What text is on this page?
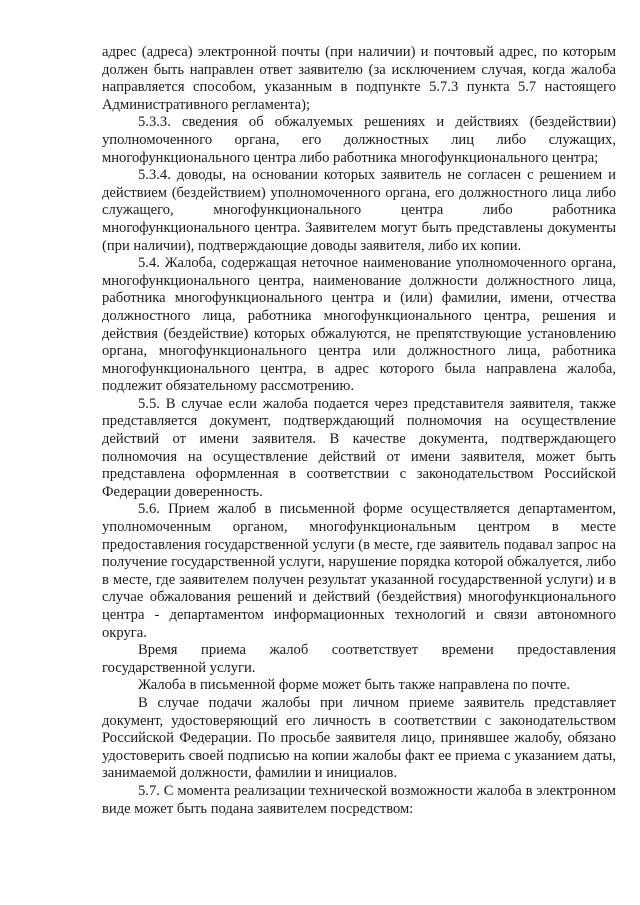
адрес (адреса) электронной почты (при наличии) и почтовый адрес, по которым должен быть направлен ответ заявителю (за исключением случая, когда жалоба направляется способом, указанным в подпункте 5.7.3 пункта 5.7 настоящего Административного регламента);

5.3.3. сведения об обжалуемых решениях и действиях (бездействии) уполномоченного органа, его должностных лиц либо служащих, многофункционального центра либо работника многофункционального центра;

5.3.4. доводы, на основании которых заявитель не согласен с решением и действием (бездействием) уполномоченного органа, его должностного лица либо служащего, многофункционального центра либо работника многофункционального центра. Заявителем могут быть представлены документы (при наличии), подтверждающие доводы заявителя, либо их копии.

5.4. Жалоба, содержащая неточное наименование уполномоченного органа, многофункционального центра, наименование должности должностного лица, работника многофункционального центра и (или) фамилии, имени, отчества должностного лица, работника многофункционального центра, решения и действия (бездействие) которых обжалуются, не препятствующие установлению органа, многофункционального центра или должностного лица, работника многофункционального центра, в адрес которого была направлена жалоба, подлежит обязательному рассмотрению.

5.5. В случае если жалоба подается через представителя заявителя, также представляется документ, подтверждающий полномочия на осуществление действий от имени заявителя. В качестве документа, подтверждающего полномочия на осуществление действий от имени заявителя, может быть представлена оформленная в соответствии с законодательством Российской Федерации доверенность.

5.6. Прием жалоб в письменной форме осуществляется департаментом, уполномоченным органом, многофункциональным центром в месте предоставления государственной услуги (в месте, где заявитель подавал запрос на получение государственной услуги, нарушение порядка которой обжалуется, либо в месте, где заявителем получен результат указанной государственной услуги) и в случае обжалования решений и действий (бездействия) многофункционального центра - департаментом информационных технологий и связи автономного округа.

Время приема жалоб соответствует времени предоставления государственной услуги.

Жалоба в письменной форме может быть также направлена по почте.

В случае подачи жалобы при личном приеме заявитель представляет документ, удостоверяющий его личность в соответствии с законодательством Российской Федерации. По просьбе заявителя лицо, принявшее жалобу, обязано удостоверить своей подписью на копии жалобы факт ее приема с указанием даты, занимаемой должности, фамилии и инициалов.

5.7. С момента реализации технической возможности жалоба в электронном виде может быть подана заявителем посредством:
